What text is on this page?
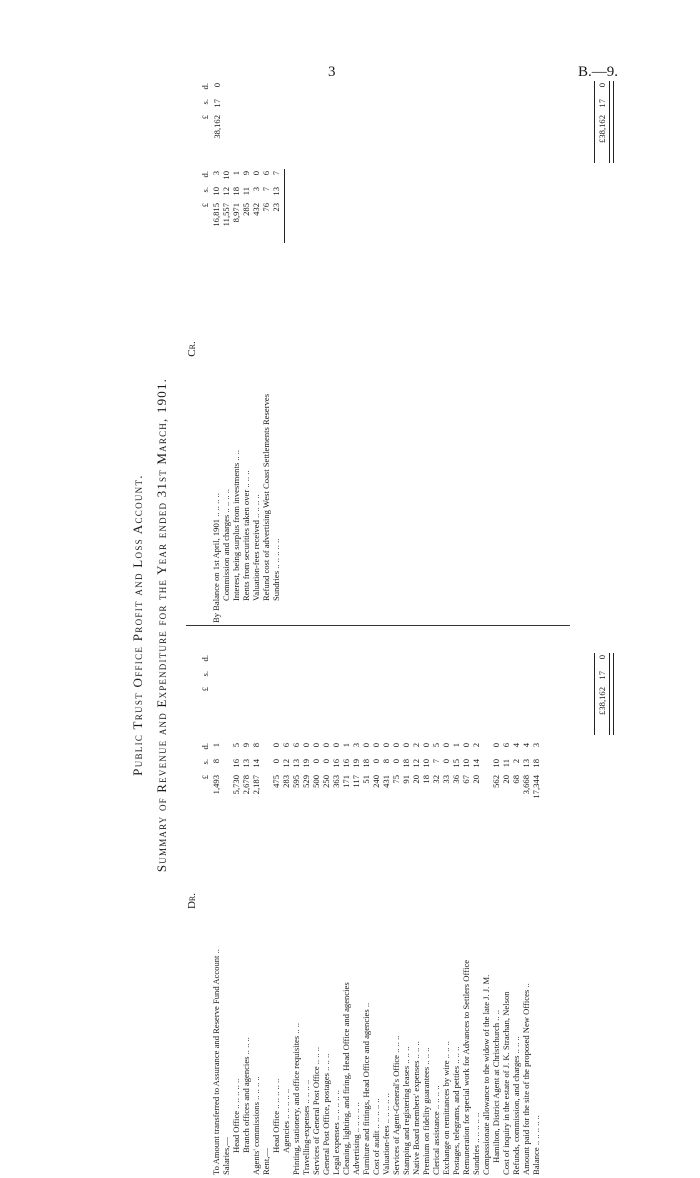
3	B.—9.
Public Trust Office Profit and Loss Account. Summary of Revenue and Expenditure for the Year ended 31st March, 1901.
Dr.
£
s.
d.
£
s.
d.
To Amount transferred to Assurance and Reserve Fund Account ..
1,493
8
1
Salaries,—
Head Office .. .. .. .. ..
5,730
16
5
Branch offices and agencies .. .. ..
2,678
13
9
Agents' commissions .. .. .. ..
2,187
14
8
Rent,—
Head Office .. .. .. .. ..
475
0
0
Agencies .. .. .. .. ..
283
12
6
Printing, stationery, and office requisites .. ..
595
13
6
Travelling-expenses .. .. .. ..
529
19
0
Services of General Post Office .. .. ..
500
0
0
General Post Office, postages .. .. ..
250
0
0
Legal expenses .. .. .. .. ..
363
16
0
Cleaning, lighting, and firing, Head Office and agencies
171
16
1
Advertising .. .. .. .. ..
117
19
3
Furniture and fittings, Head Office and agencies ..
51
18
0
Cost of audit .. .. .. .. ..
240
0
0
Valuation-fees .. .. .. .. ..
431
8
0
Services of Agent-General's Office .. .. ..
75
0
0
Stamping and registering leases .. .. ..
91
18
0
Native Board members' expenses .. .. ..
20
12
2
Premium on fidelity guarantees .. .. ..
18
10
0
Clerical assistance .. .. .. ..
32
7
5
Exchange on remittances by wire .. .. ..
33
0
0
Postages, telegrams, and petties .. .. ..
36
15
1
Remuneration for special work for Advances to Settlers Office
67
10
0
Sundries .. .. .. .. ..
20
14
2
Compassionate allowance to the widow of the late J. J. M. Hamilton, District Agent at Christchurch .. ..
562
10
0
Cost of inquiry in the estate of J. K. Strachan, Nelson
20
11
6
Refunds, commission, and charges .. .. ..
68
2
4
Amount paid for the site of the proposed New Offices ..
3,668
13
4
Balance .. .. .. .. ..
17,344
18
3
£38,162
17
0
Cr.
£
s.
d.
£
s.
d.
By Balance on 1st April, 1901 .. .. .. ..
16,815
10
3
Commission and charges .. .. .. ..
11,557
12
10
Interest, being surplus from investments .. ..
8,971
18
1
Rents from securities taken over .. .. ..
285
11
9
Valuation-fees received .. .. .. ..
432
3
0
Refund cost of advertising West Coast Settlements Reserves
76
7
6
Sundries .. .. .. .. ..
23
13
7
38,162
17
0
£38,162
17
0
